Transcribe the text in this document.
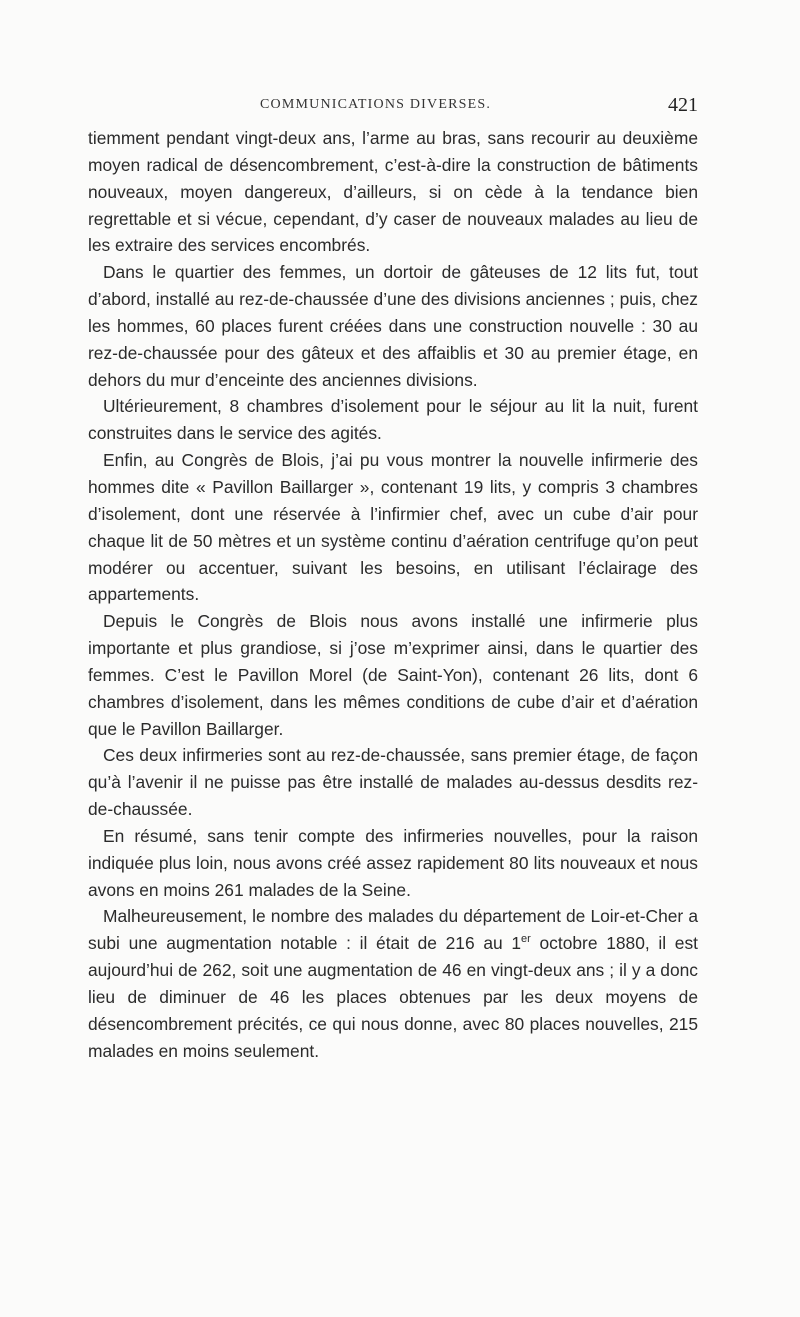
COMMUNICATIONS DIVERSES.	421

tiemment pendant vingt-deux ans, l’arme au bras, sans recourir au deuxième moyen radical de désencombrement, c’est-à-dire la construction de bâtiments nouveaux, moyen dangereux, d’ailleurs, si on cède à la tendance bien regrettable et si vécue, cependant, d’y caser de nouveaux malades au lieu de les extraire des services encombrés.

Dans le quartier des femmes, un dortoir de gâteuses de 12 lits fut, tout d’abord, installé au rez-de-chaussée d’une des divisions anciennes ; puis, chez les hommes, 60 places furent créées dans une construction nouvelle : 30 au rez-de-chaussée pour des gâteux et des affaiblis et 30 au premier étage, en dehors du mur d’enceinte des anciennes divisions.

Ultérieurement, 8 chambres d’isolement pour le séjour au lit la nuit, furent construites dans le service des agités.

Enfin, au Congrès de Blois, j’ai pu vous montrer la nouvelle infirmerie des hommes dite « Pavillon Baillarger », contenant 19 lits, y compris 3 chambres d’isolement, dont une réservée à l’infirmier chef, avec un cube d’air pour chaque lit de 50 mètres et un système continu d’aération centrifuge qu’on peut modérer ou accentuer, suivant les besoins, en utilisant l’éclairage des appartements.

Depuis le Congrès de Blois nous avons installé une infirmerie plus importante et plus grandiose, si j’ose m’exprimer ainsi, dans le quartier des femmes. C’est le Pavillon Morel (de Saint-Yon), contenant 26 lits, dont 6 chambres d’isolement, dans les mêmes conditions de cube d’air et d’aération que le Pavillon Baillarger.

Ces deux infirmeries sont au rez-de-chaussée, sans premier étage, de façon qu’à l’avenir il ne puisse pas être installé de malades au-dessus desdits rez-de-chaussée.

En résumé, sans tenir compte des infirmeries nouvelles, pour la raison indiquée plus loin, nous avons créé assez rapidement 80 lits nouveaux et nous avons en moins 261 malades de la Seine.

Malheureusement, le nombre des malades du département de Loir-et-Cher a subi une augmentation notable : il était de 216 au 1er octobre 1880, il est aujourd’hui de 262, soit une augmentation de 46 en vingt-deux ans ; il y a donc lieu de diminuer de 46 les places obtenues par les deux moyens de désencombrement précités, ce qui nous donne, avec 80 places nouvelles, 215 malades en moins seulement.
